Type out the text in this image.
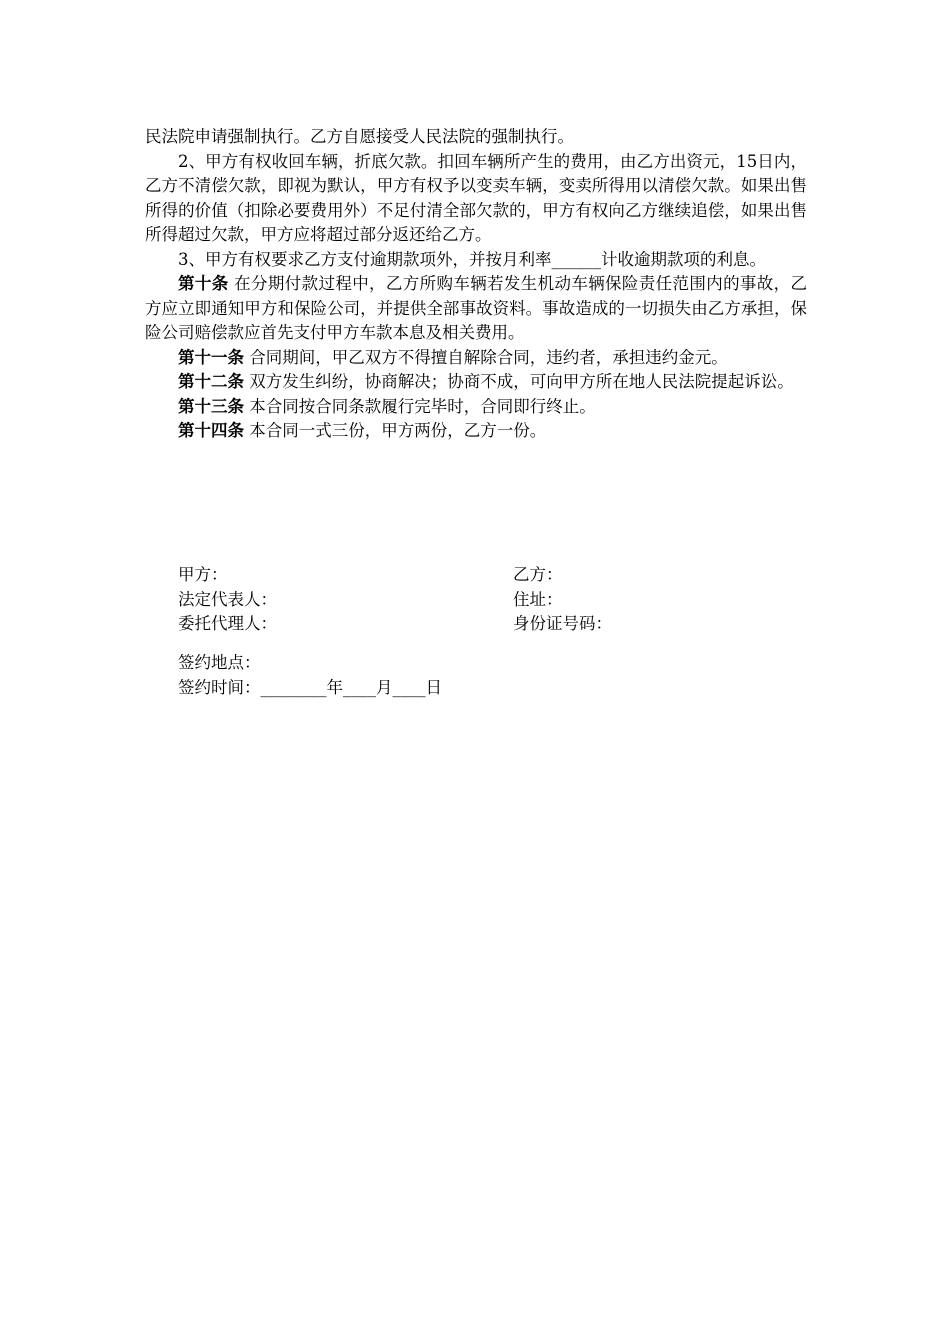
民法院申请强制执行。乙方自愿接受人民法院的强制执行。

2、甲方有权收回车辆，折底欠款。扣回车辆所产生的费用，由乙方出资元，15日内，乙方不清偿欠款，即视为默认，甲方有权予以变卖车辆，变卖所得用以清偿欠款。如果出售所得的价值（扣除必要费用外）不足付清全部欠款的，甲方有权向乙方继续追偿，如果出售所得超过欠款，甲方应将超过部分返还给乙方。

3、甲方有权要求乙方支付逾期款项外，并按月利率______计收逾期款项的利息。

第十条 在分期付款过程中，乙方所购车辆若发生机动车辆保险责任范围内的事故，乙方应立即通知甲方和保险公司，并提供全部事故资料。事故造成的一切损失由乙方承担，保险公司赔偿款应首先支付甲方车款本息及相关费用。

第十一条 合同期间，甲乙双方不得擅自解除合同，违约者，承担违约金元。

第十二条 双方发生纠纷，协商解决；协商不成，可向甲方所在地人民法院提起诉讼。

第十三条 本合同按合同条款履行完毕时，合同即行终止。

第十四条 本合同一式三份，甲方两份，乙方一份。

甲方：	乙方：
法定代表人：	住址：
委托代理人：	身份证号码：

签约地点：

签约时间：________年____月____日
